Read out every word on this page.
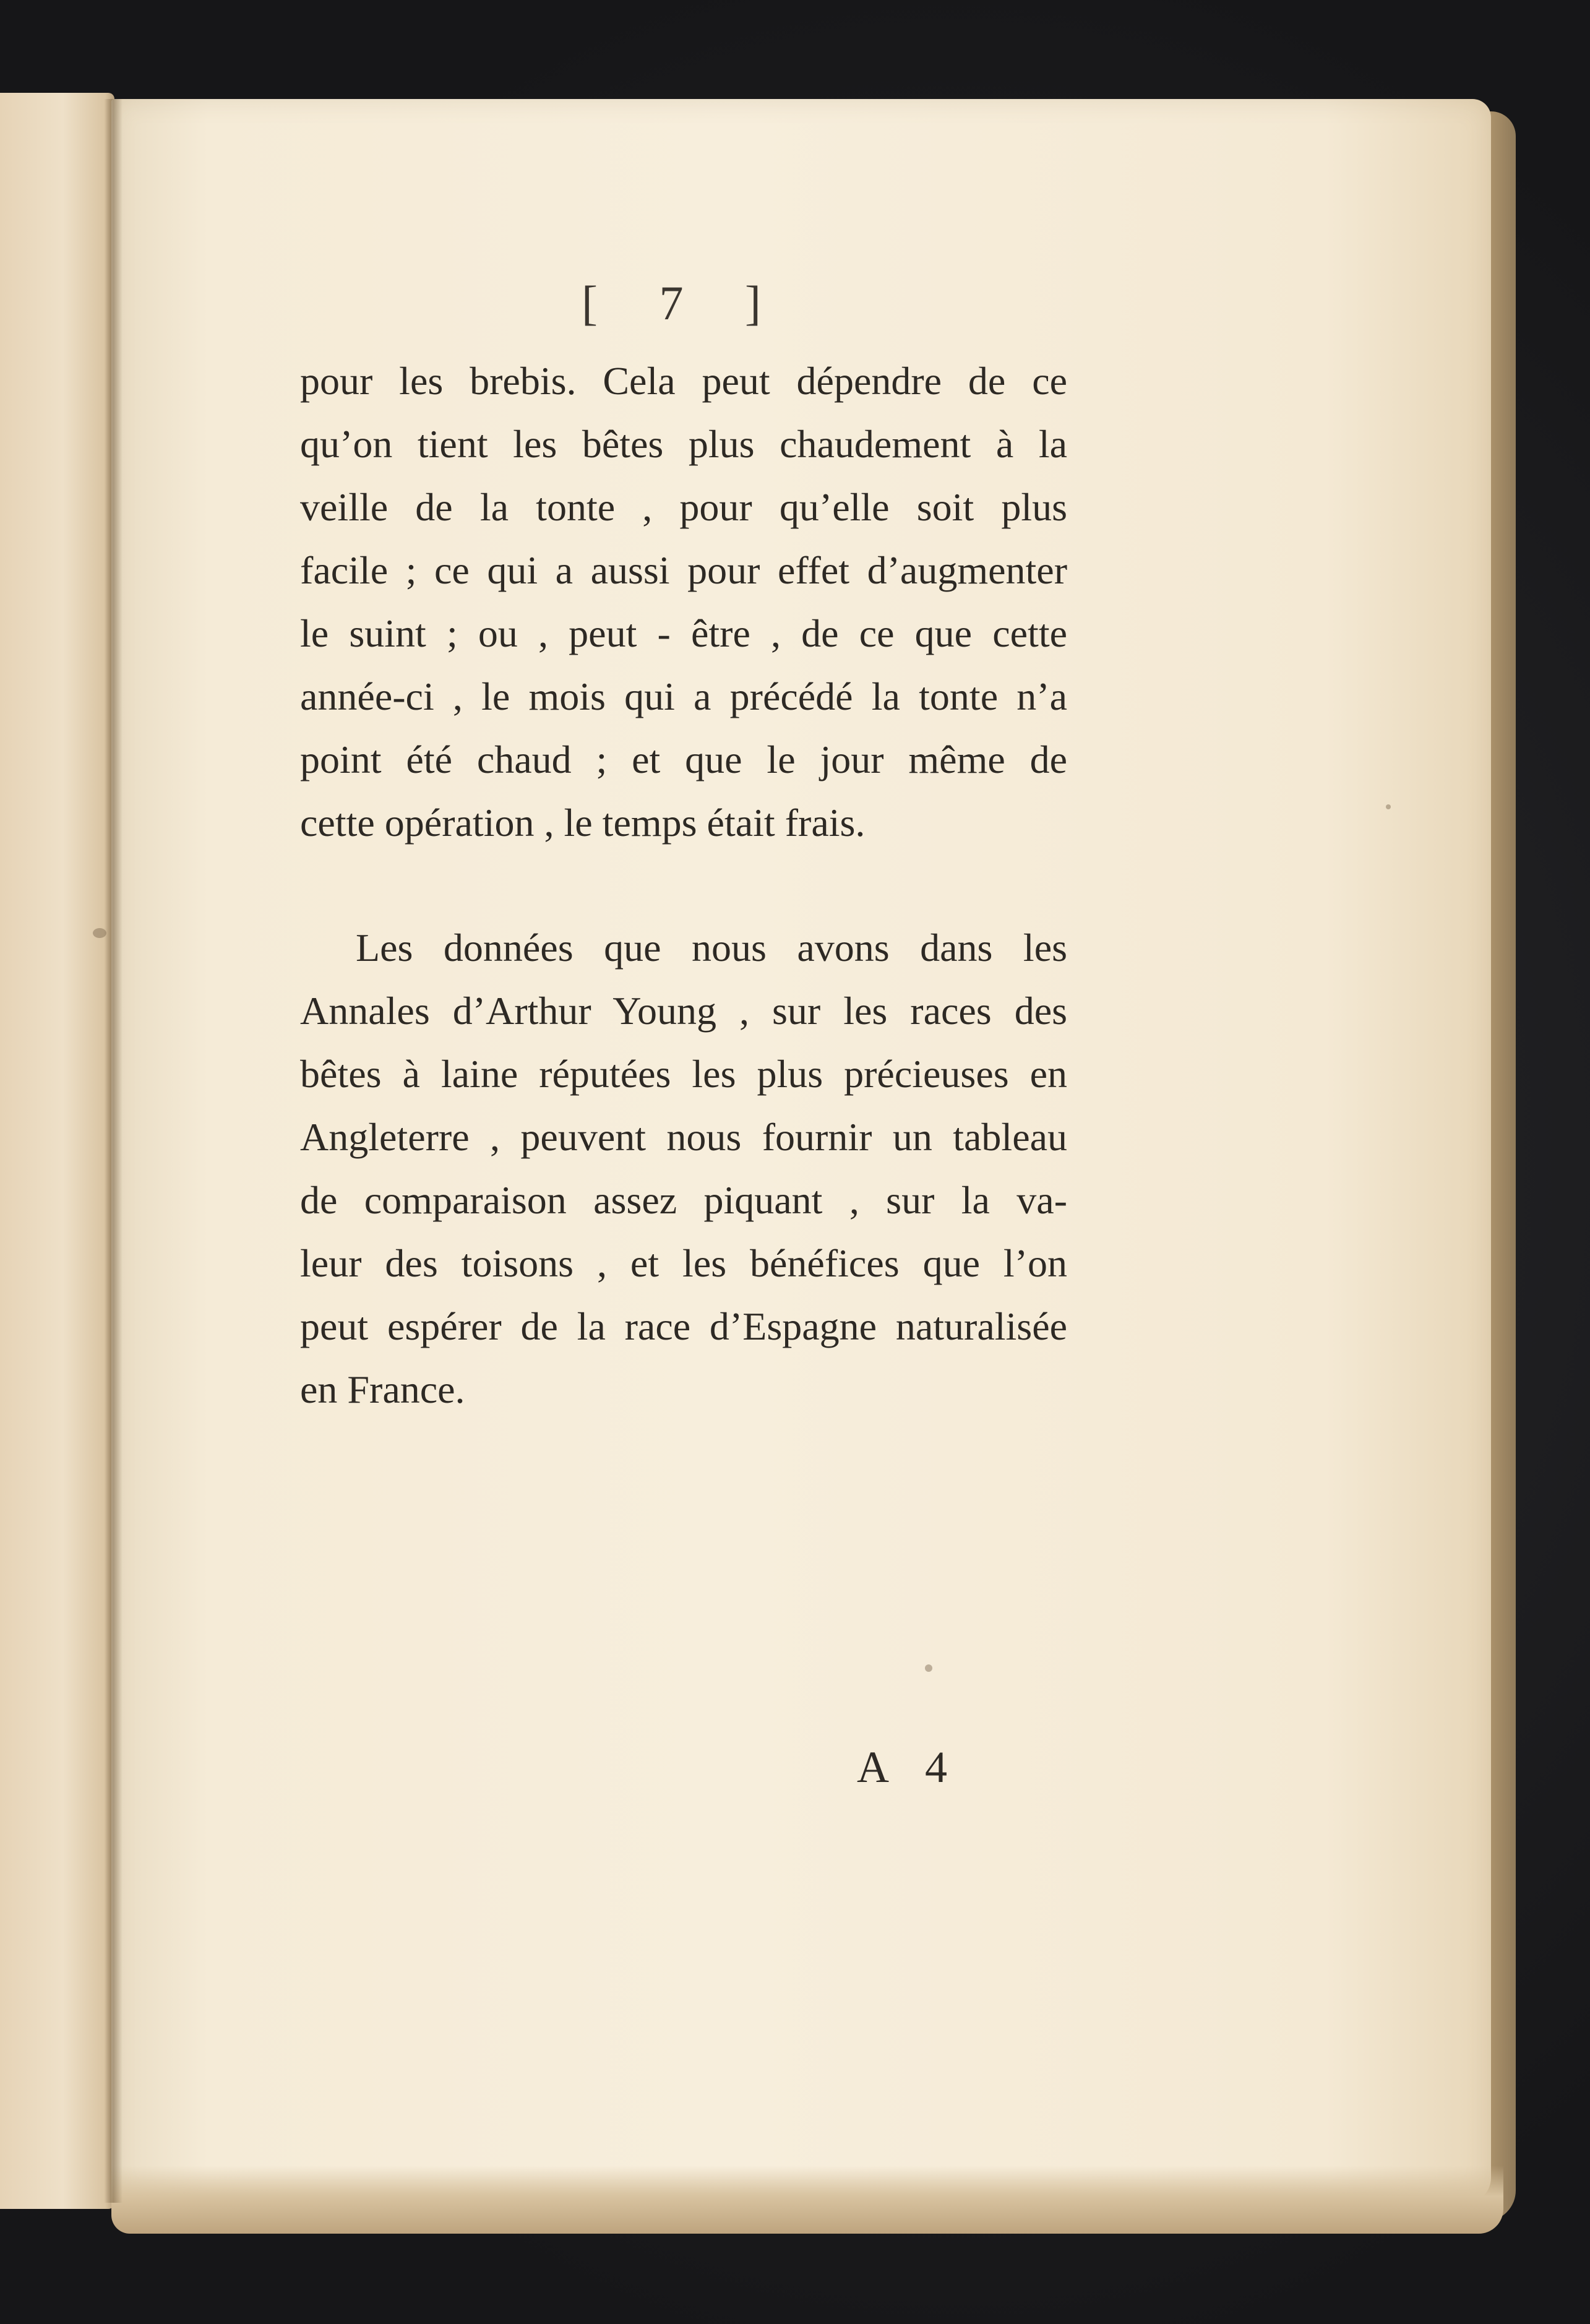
[ 7 ]
pour les brebis. Cela peut dépendre de ce
qu’on tient les bêtes plus chaudement à la
veille de la tonte , pour qu’elle soit plus
facile ; ce qui a aussi pour effet d’augmenter
le suint ; ou , peut - être , de ce que cette
année-ci , le mois qui a précédé la tonte n’a
point été chaud ; et que le jour même de
cette opération , le temps était frais.
Les données que nous avons dans les
Annales d’Arthur Young , sur les races des
bêtes à laine réputées les plus précieuses en
Angleterre , peuvent nous fournir un tableau
de comparaison assez piquant , sur la va-
leur des toisons , et les bénéfices que l’on
peut espérer de la race d’Espagne naturalisée
en France.
A 4
